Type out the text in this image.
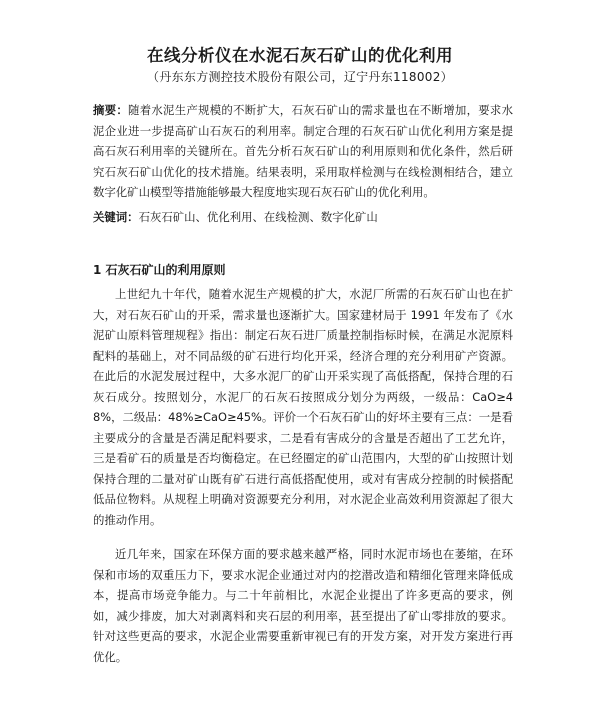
在线分析仪在水泥石灰石矿山的优化利用
（丹东东方测控技术股份有限公司，辽宁丹东118002）

摘要：随着水泥生产规模的不断扩大，石灰石矿山的需求量也在不断增加，要求水泥企业进一步提高矿山石灰石的利用率。制定合理的石灰石矿山优化利用方案是提高石灰石利用率的关键所在。首先分析石灰石矿山的利用原则和优化条件，然后研究石灰石矿山优化的技术措施。结果表明，采用取样检测与在线检测相结合，建立数字化矿山模型等措施能够最大程度地实现石灰石矿山的优化利用。

关键词：石灰石矿山、优化利用、在线检测、数字化矿山

1 石灰石矿山的利用原则

上世纪九十年代，随着水泥生产规模的扩大，水泥厂所需的石灰石矿山也在扩大，对石灰石矿山的开采，需求量也逐渐扩大。国家建材局于 1991 年发布了《水泥矿山原料管理规程》指出：制定石灰石进厂质量控制指标时候，在满足水泥原料配料的基础上，对不同品级的矿石进行均化开采，经济合理的充分利用矿产资源。在此后的水泥发展过程中，大多水泥厂的矿山开采实现了高低搭配，保持合理的石灰石成分。按照划分，水泥厂的石灰石按照成分划分为两级，一级品：CaO≥48%，二级品：48%≥CaO≥45%。评价一个石灰石矿山的好坏主要有三点：一是看主要成分的含量是否满足配料要求，二是看有害成分的含量是否超出了工艺允许，三是看矿石的质量是否均衡稳定。在已经圈定的矿山范围内，大型的矿山按照计划保持合理的二量对矿山既有矿石进行高低搭配使用，或对有害成分控制的时候搭配低品位物料。从规程上明确对资源要充分利用，对水泥企业高效利用资源起了很大的推动作用。

近几年来，国家在环保方面的要求越来越严格，同时水泥市场也在萎缩，在环保和市场的双重压力下，要求水泥企业通过对内的挖潜改造和精细化管理来降低成本，提高市场竞争能力。与二十年前相比，水泥企业提出了许多更高的要求，例如，减少排废，加大对剥离料和夹石层的利用率，甚至提出了矿山零排放的要求。针对这些更高的要求，水泥企业需要重新审视已有的开发方案，对开发方案进行再优化。
